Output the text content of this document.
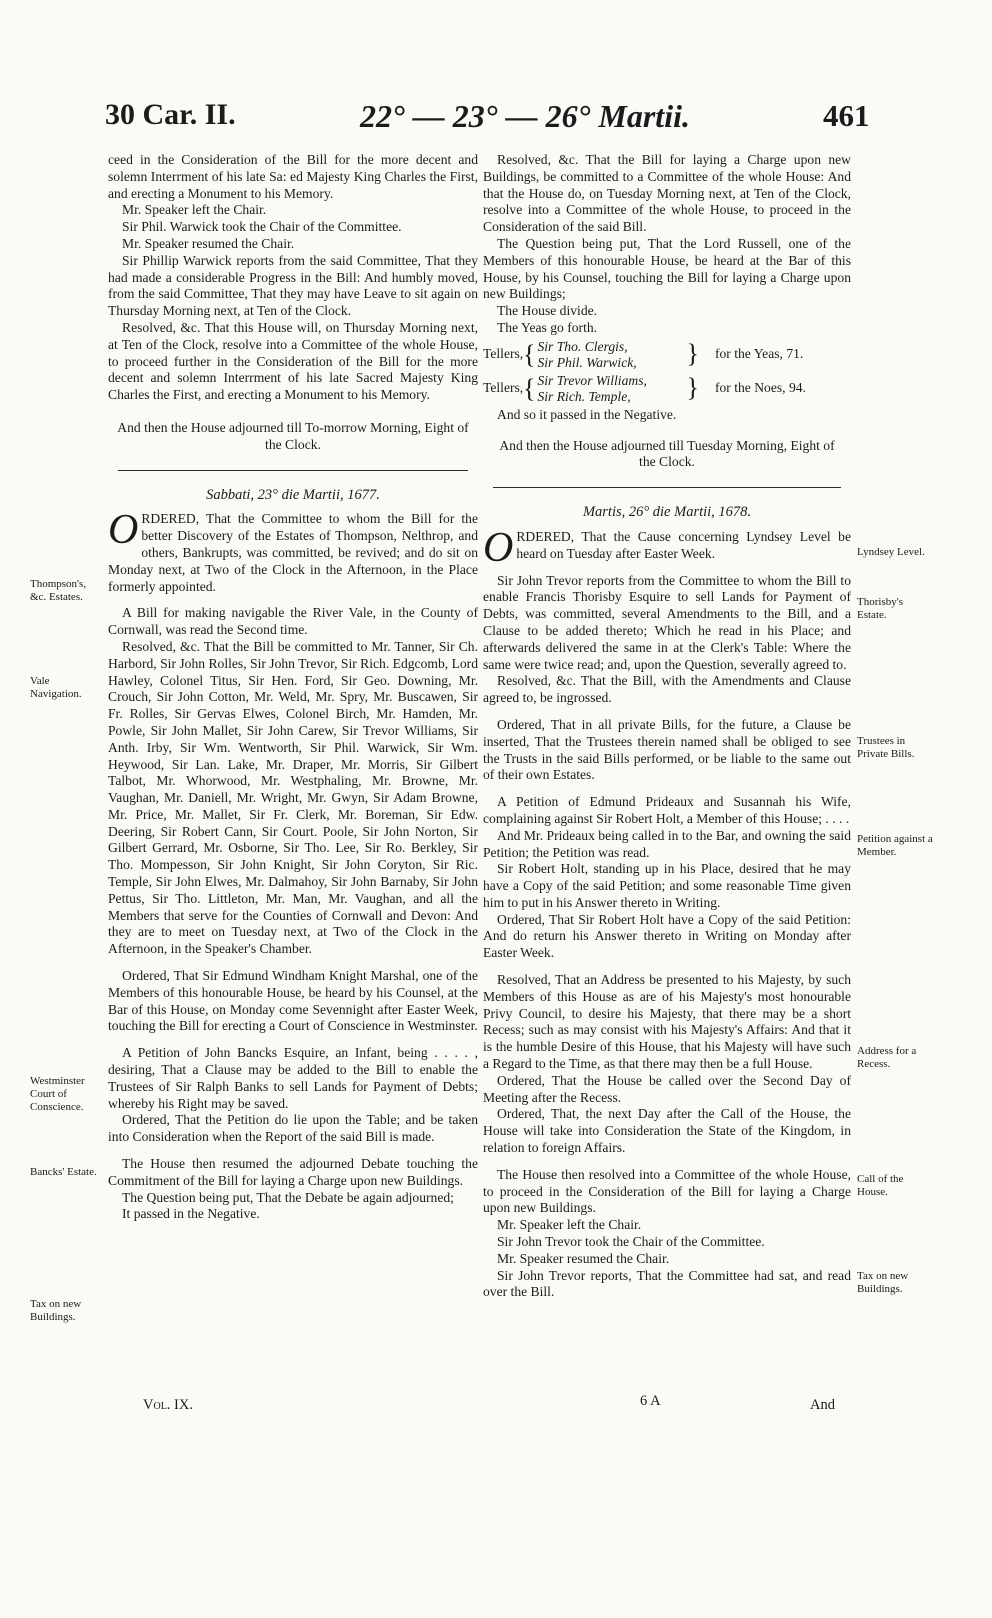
30 Car. II.	22° — 23° — 26° Martii.	461

ceed in the Consideration of the Bill for the more decent and solemn Interrment of his late Sa: ed Majesty King Charles the First, and erecting a Monument to his Memory.

Mr. Speaker left the Chair.

Sir Phil. Warwick took the Chair of the Committee.

Mr. Speaker resumed the Chair.

Sir Phillip Warwick reports from the said Committee, That they had made a considerable Progress in the Bill: And humbly moved, from the said Committee, That they may have Leave to sit again on Thursday Morning next, at Ten of the Clock.

Resolved, &c. That this House will, on Thursday Morning next, at Ten of the Clock, resolve into a Committee of the whole House, to proceed further in the Consideration of the Bill for the more decent and solemn Interrment of his late Sacred Majesty King Charles the First, and erecting a Monument to his Memory.

And then the House adjourned till To-morrow Morning, Eight of the Clock.

Sabbati, 23° die Martii, 1677.

ORDERED, That the Committee to whom the Bill for the better Discovery of the Estates of Thompson, Nelthrop, and others, Bankrupts, was committed, be revived; and do sit on Monday next, at Two of the Clock in the Afternoon, in the Place formerly appointed.

A Bill for making navigable the River Vale, in the County of Cornwall, was read the Second time.

Resolved, &c. That the Bill be committed to Mr. Tanner, Sir Ch. Harbord, Sir John Rolles, Sir John Trevor, Sir Rich. Edgcomb, Lord Hawley, Colonel Titus, Sir Hen. Ford, Sir Geo. Downing, Mr. Crouch, Sir John Cotton, Mr. Weld, Mr. Spry, Mr. Buscawen, Sir Fr. Rolles, Sir Gervas Elwes, Colonel Birch, Mr. Hamden, Mr. Powle, Sir John Mallet, Sir John Carew, Sir Trevor Williams, Sir Anth. Irby, Sir Wm. Wentworth, Sir Phil. Warwick, Sir Wm. Heywood, Sir Lan. Lake, Mr. Draper, Mr. Morris, Sir Gilbert Talbot, Mr. Whorwood, Mr. Westphaling, Mr. Browne, Mr. Vaughan, Mr. Daniell, Mr. Wright, Mr. Gwyn, Sir Adam Browne, Mr. Price, Mr. Mallet, Sir Fr. Clerk, Mr. Boreman, Sir Edw. Deering, Sir Robert Cann, Sir Court. Poole, Sir John Norton, Sir Gilbert Gerrard, Mr. Osborne, Sir Tho. Lee, Sir Ro. Berkley, Sir Tho. Mompesson, Sir John Knight, Sir John Coryton, Sir Ric. Temple, Sir John Elwes, Mr. Dalmahoy, Sir John Barnaby, Sir John Pettus, Sir Tho. Littleton, Mr. Man, Mr. Vaughan, and all the Members that serve for the Counties of Cornwall and Devon: And they are to meet on Tuesday next, at Two of the Clock in the Afternoon, in the Speaker's Chamber.

Ordered, That Sir Edmund Windham Knight Marshal, one of the Members of this honourable House, be heard by his Counsel, at the Bar of this House, on Monday come Sevennight after Easter Week, touching the Bill for erecting a Court of Conscience in Westminster.

A Petition of John Bancks Esquire, an Infant, being . . . . , desiring, That a Clause may be added to the Bill to enable the Trustees of Sir Ralph Banks to sell Lands for Payment of Debts; whereby his Right may be saved.

Ordered, That the Petition do lie upon the Table; and be taken into Consideration when the Report of the said Bill is made.

The House then resumed the adjourned Debate touching the Commitment of the Bill for laying a Charge upon new Buildings.

The Question being put, That the Debate be again adjourned;

It passed in the Negative.

Resolved, &c. That the Bill for laying a Charge upon new Buildings, be committed to a Committee of the whole House: And that the House do, on Tuesday Morning next, at Ten of the Clock, resolve into a Committee of the whole House, to proceed in the Consideration of the said Bill.

The Question being put, That the Lord Russell, one of the Members of this honourable House, be heard at the Bar of this House, by his Counsel, touching the Bill for laying a Charge upon new Buildings;

The House divide.

The Yeas go forth.

Tellers, { Sir Tho. Clergis,
Sir Phil. Warwick,	} for the Yeas, 71.
Tellers, { Sir Trevor Williams,
Sir Rich. Temple,	} for the Noes, 94.

And so it passed in the Negative.

And then the House adjourned till Tuesday Morning, Eight of the Clock.

Martis, 26° die Martii, 1678.

ORDERED, That the Cause concerning Lyndsey Level be heard on Tuesday after Easter Week.

Sir John Trevor reports from the Committee to whom the Bill to enable Francis Thorisby Esquire to sell Lands for Payment of Debts, was committed, several Amendments to the Bill, and a Clause to be added thereto; Which he read in his Place; and afterwards delivered the same in at the Clerk's Table: Where the same were twice read; and, upon the Question, severally agreed to.

Resolved, &c. That the Bill, with the Amendments and Clause agreed to, be ingrossed.

Ordered, That in all private Bills, for the future, a Clause be inserted, That the Trustees therein named shall be obliged to see the Trusts in the said Bills performed, or be liable to the same out of their own Estates.

A Petition of Edmund Prideaux and Susannah his Wife, complaining against Sir Robert Holt, a Member of this House; . . . .

And Mr. Prideaux being called in to the Bar, and owning the said Petition; the Petition was read.

Sir Robert Holt, standing up in his Place, desired that he may have a Copy of the said Petition; and some reasonable Time given him to put in his Answer thereto in Writing.

Ordered, That Sir Robert Holt have a Copy of the said Petition: And do return his Answer thereto in Writing on Monday after Easter Week.

Resolved, That an Address be presented to his Majesty, by such Members of this House as are of his Majesty's most honourable Privy Council, to desire his Majesty, that there may be a short Recess; such as may consist with his Majesty's Affairs: And that it is the humble Desire of this House, that his Majesty will have such a Regard to the Time, as that there may then be a full House.

Ordered, That the House be called over the Second Day of Meeting after the Recess.

Ordered, That, the next Day after the Call of the House, the House will take into Consideration the State of the Kingdom, in relation to foreign Affairs.

The House then resolved into a Committee of the whole House, to proceed in the Consideration of the Bill for laying a Charge upon new Buildings.

Mr. Speaker left the Chair.

Sir John Trevor took the Chair of the Committee.

Mr. Speaker resumed the Chair.

Sir John Trevor reports, That the Committee had sat, and read over the Bill.

Thompson's, &c. Estates.
Vale Navigation.
Westminster Court of Conscience.
Bancks' Estate.
Tax on new Buildings.
Lyndsey Level.
Thorisby's Estate.
Trustees in Private Bills.
Petition against a Member.
Address for a Recess.
Call of the House.
Tax on new Buildings.
Vol. IX.	6 A	And
